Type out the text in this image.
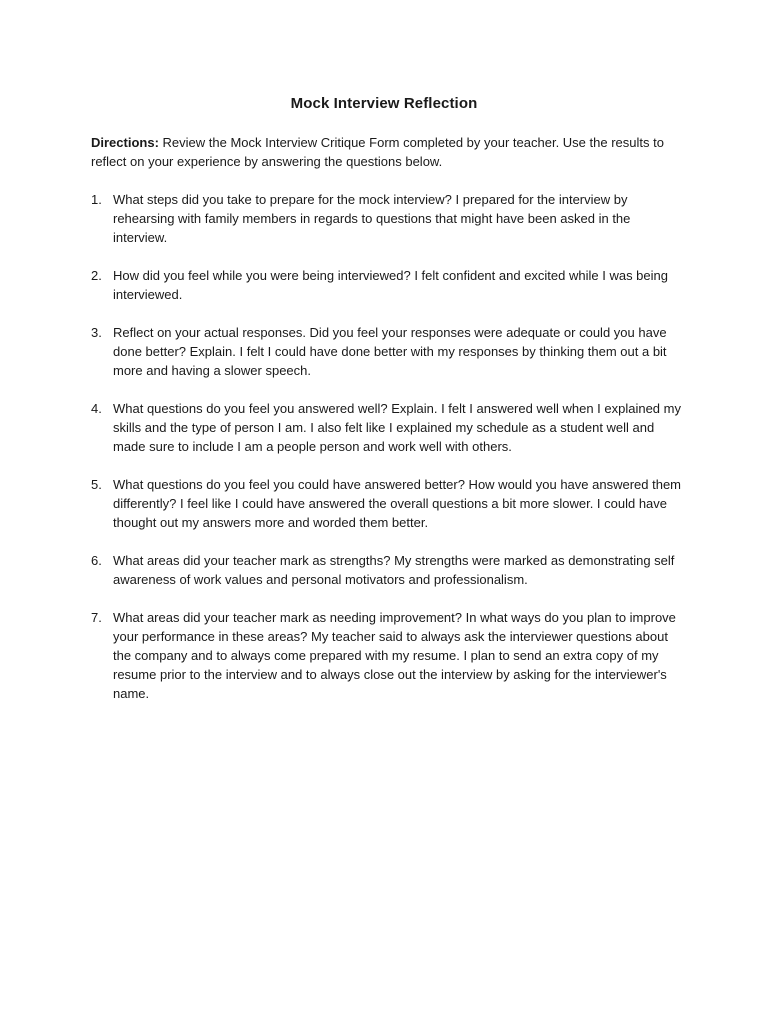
Mock Interview Reflection
Directions: Review the Mock Interview Critique Form completed by your teacher. Use the results to reflect on your experience by answering the questions below.
1. What steps did you take to prepare for the mock interview? I prepared for the interview by rehearsing with family members in regards to questions that might have been asked in the interview.
2. How did you feel while you were being interviewed? I felt confident and excited while I was being interviewed.
3. Reflect on your actual responses. Did you feel your responses were adequate or could you have done better? Explain. I felt I could have done better with my responses by thinking them out a bit more and having a slower speech.
4. What questions do you feel you answered well? Explain. I felt I answered well when I explained my skills and the type of person I am. I also felt like I explained my schedule as a student well and made sure to include I am a people person and work well with others.
5. What questions do you feel you could have answered better? How would you have answered them differently? I feel like I could have answered the overall questions a bit more slower. I could have thought out my answers more and worded them better.
6. What areas did your teacher mark as strengths? My strengths were marked as demonstrating self awareness of work values and personal motivators and professionalism.
7. What areas did your teacher mark as needing improvement? In what ways do you plan to improve your performance in these areas? My teacher said to always ask the interviewer questions about the company and to always come prepared with my resume. I plan to send an extra copy of my resume prior to the interview and to always close out the interview by asking for the interviewer's name.
